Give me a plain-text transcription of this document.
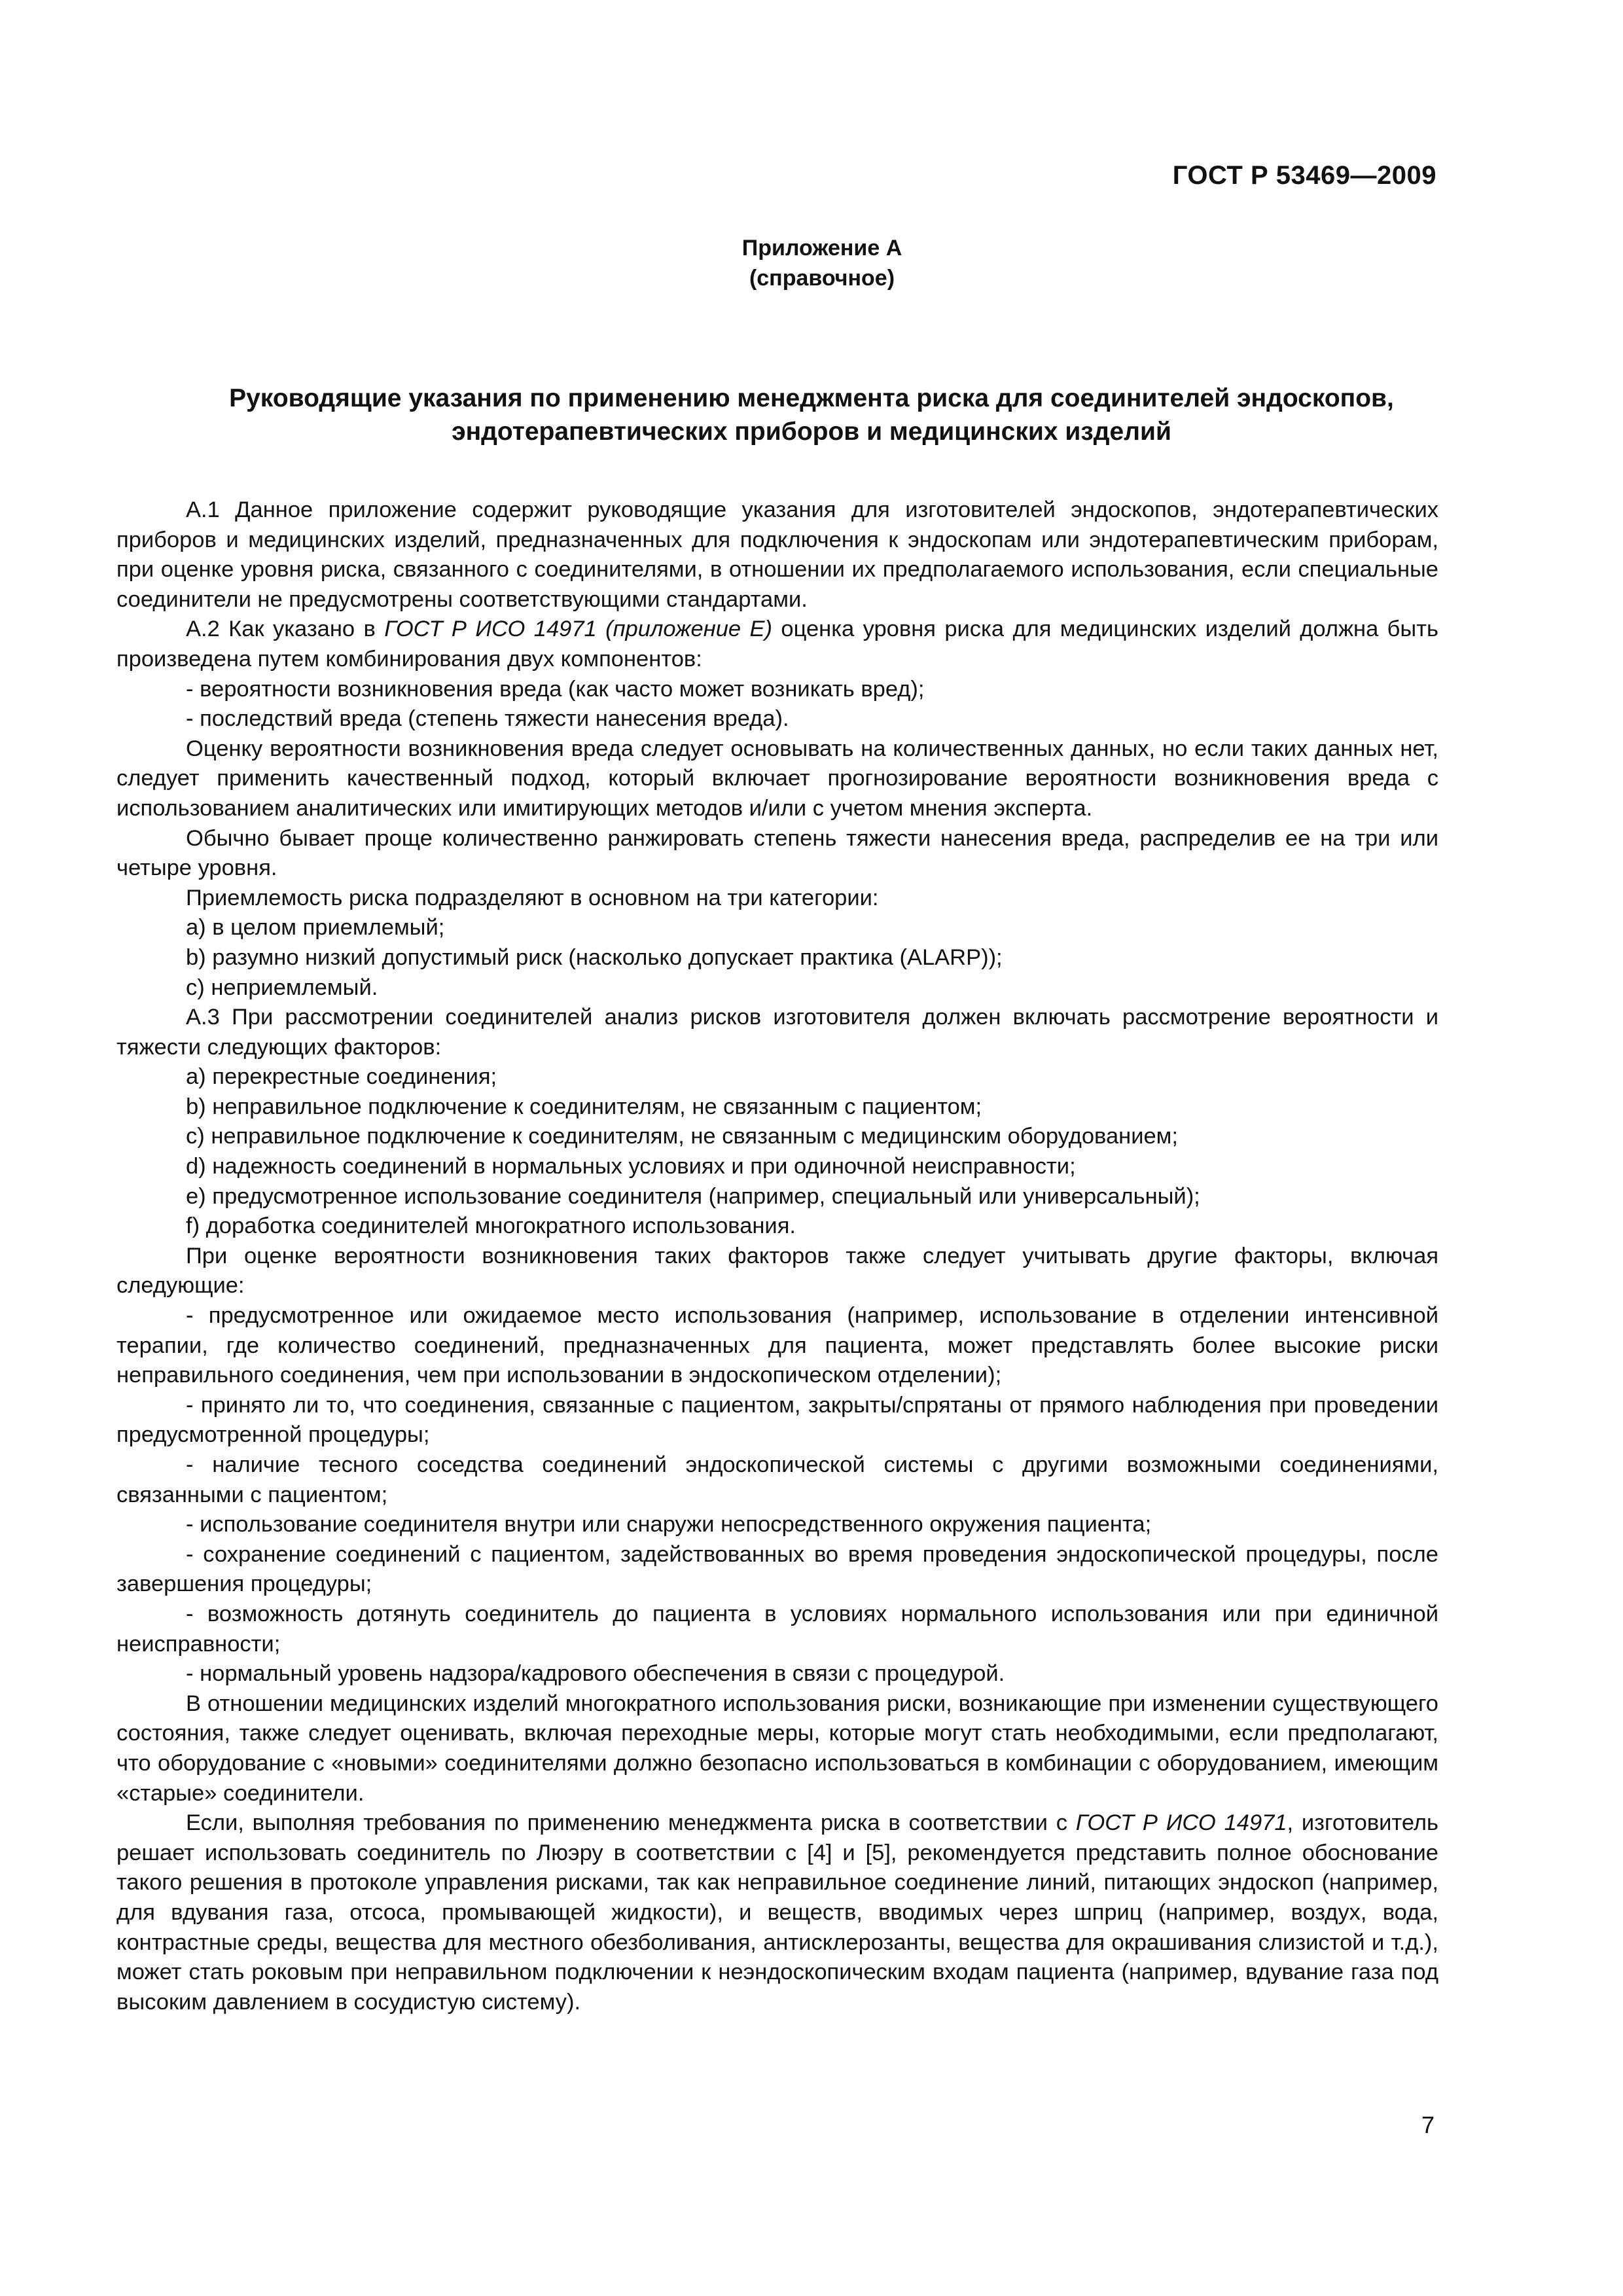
ГОСТ Р 53469—2009
Приложение А
(справочное)
Руководящие указания по применению менеджмента риска для соединителей эндоскопов,
эндотерапевтических приборов и медицинских изделий

А.1 Данное приложение содержит руководящие указания для изготовителей эндоскопов, эндотерапевтических приборов и медицинских изделий, предназначенных для подключения к эндоскопам или эндотерапевтическим приборам, при оценке уровня риска, связанного с соединителями, в отношении их предполагаемого использования, если специальные соединители не предусмотрены соответствующими стандартами.

А.2 Как указано в ГОСТ Р ИСО 14971 (приложение Е) оценка уровня риска для медицинских изделий должна быть произведена путем комбинирования двух компонентов:

- вероятности возникновения вреда (как часто может возникать вред);

- последствий вреда (степень тяжести нанесения вреда).

Оценку вероятности возникновения вреда следует основывать на количественных данных, но если таких данных нет, следует применить качественный подход, который включает прогнозирование вероятности возникновения вреда с использованием аналитических или имитирующих методов и/или с учетом мнения эксперта.

Обычно бывает проще количественно ранжировать степень тяжести нанесения вреда, распределив ее на три или четыре уровня.

Приемлемость риска подразделяют в основном на три категории:

a) в целом приемлемый;

b) разумно низкий допустимый риск (насколько допускает практика (ALARP));

c) неприемлемый.

А.3 При рассмотрении соединителей анализ рисков изготовителя должен включать рассмотрение вероятности и тяжести следующих факторов:

a) перекрестные соединения;

b) неправильное подключение к соединителям, не связанным с пациентом;

c) неправильное подключение к соединителям, не связанным с медицинским оборудованием;

d) надежность соединений в нормальных условиях и при одиночной неисправности;

e) предусмотренное использование соединителя (например, специальный или универсальный);

f) доработка соединителей многократного использования.

При оценке вероятности возникновения таких факторов также следует учитывать другие факторы, включая следующие:

- предусмотренное или ожидаемое место использования (например, использование в отделении интенсивной терапии, где количество соединений, предназначенных для пациента, может представлять более высокие риски неправильного соединения, чем при использовании в эндоскопическом отделении);

- принято ли то, что соединения, связанные с пациентом, закрыты/спрятаны от прямого наблюдения при проведении предусмотренной процедуры;

- наличие тесного соседства соединений эндоскопической системы с другими возможными соединениями, связанными с пациентом;

- использование соединителя внутри или снаружи непосредственного окружения пациента;

- сохранение соединений с пациентом, задействованных во время проведения эндоскопической процедуры, после завершения процедуры;

- возможность дотянуть соединитель до пациента в условиях нормального использования или при единичной неисправности;

- нормальный уровень надзора/кадрового обеспечения в связи с процедурой.

В отношении медицинских изделий многократного использования риски, возникающие при изменении существующего состояния, также следует оценивать, включая переходные меры, которые могут стать необходимыми, если предполагают, что оборудование с «новыми» соединителями должно безопасно использоваться в комбинации с оборудованием, имеющим «старые» соединители.

Если, выполняя требования по применению менеджмента риска в соответствии с ГОСТ Р ИСО 14971, изготовитель решает использовать соединитель по Люэру в соответствии с [4] и [5], рекомендуется представить полное обоснование такого решения в протоколе управления рисками, так как неправильное соединение линий, питающих эндоскоп (например, для вдувания газа, отсоса, промывающей жидкости), и веществ, вводимых через шприц (например, воздух, вода, контрастные среды, вещества для местного обезболивания, антисклерозанты, вещества для окрашивания слизистой и т.д.), может стать роковым при неправильном подключении к неэндоскопическим входам пациента (например, вдувание газа под высоким давлением в сосудистую систему).

7
